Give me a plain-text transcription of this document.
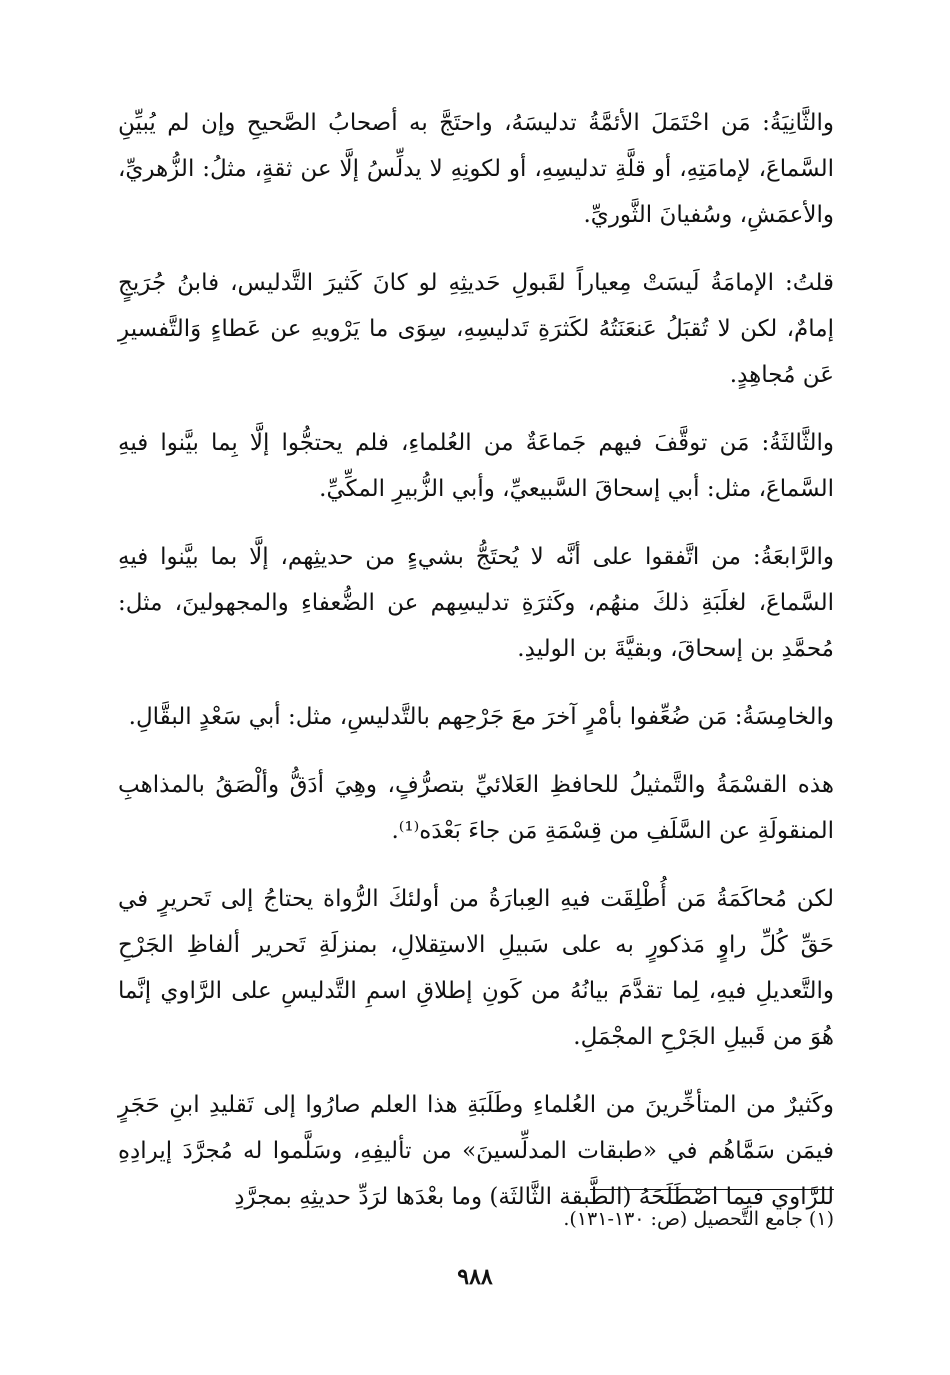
والثَّانِيَةُ: مَن احْتَمَلَ الأئمَّةُ تدليسَهُ، واحتَجَّ به أصحابُ الصَّحيحِ وإن لم يُبيِّنِ السَّماعَ، لإمامَتِهِ، أو قلَّةِ تدليسِهِ، أو لكونِهِ لا يدلِّسُ إلَّا عن ثقةٍ، مثلُ: الزُّهريِّ، والأعمَشِ، وسُفيانَ الثَّوريِّ.

قلتُ: الإمامَةُ لَيسَتْ مِعياراً لقَبولِ حَديثِهِ لو كانَ كَثيرَ التَّدليس، فابنُ جُرَيجٍ إمامٌ، لكن لا تُقبَلُ عَنعَنَتُهُ لكَثرَةِ تَدليسِهِ، سِوَى ما يَرْويهِ عن عَطاءٍ وَالتَّفسيرِ عَن مُجاهِدٍ.

والثَّالثَةُ: مَن توقَّفَ فيهم جَماعَةٌ من العُلماءِ، فلم يحتجُّوا إلَّا بِما بيَّنوا فيهِ السَّماعَ، مثل: أبي إسحاقَ السَّبيعيِّ، وأبي الزُّبيرِ المكِّيِّ.

والرَّابعَةُ: من اتَّفقوا على أنَّه لا يُحتَجُّ بشيءٍ من حديثِهم، إلَّا بما بيَّنوا فيهِ السَّماعَ، لغلَبَةِ ذلكَ منهُم، وكَثرَةِ تدليسِهم عن الضُّعفاءِ والمجهولينَ، مثل: مُحمَّدِ بن إسحاقَ، وبقيَّةَ بن الوليدِ.

والخامِسَةُ: مَن ضُعِّفوا بأمْرٍ آخرَ معَ جَرْحِهم بالتَّدليسِ، مثل: أبي سَعْدٍ البقَّالِ.

هذه القسْمَةُ والتَّمثيلُ للحافظِ العَلائيِّ بتصرُّفٍ، وهِيَ أدَقُّ وألْصَقُ بالمذاهبِ المنقولَةِ عن السَّلَفِ من قِسْمَةِ مَن جاءَ بَعْدَه⁽¹⁾.

لكن مُحاكَمَةُ مَن أُطْلِقَت فيهِ العِبارَةُ من أولئكَ الرُّواة يحتاجُ إلى تَحريرٍ في حَقِّ كُلِّ راوٍ مَذكورٍ به على سَبيلِ الاستِقلالِ، بمنزلَةِ تَحرير ألفاظِ الجَرْحِ والتَّعديلِ فيهِ، لِما تقدَّمَ بيانُهُ من كَونِ إطلاقِ اسمِ التَّدليسِ على الرَّاوي إنَّما هُوَ من قَبيلِ الجَرْحِ المجْمَلِ.

وكَثيرٌ من المتأخِّرينَ من العُلماءِ وطَلَبَةِ هذا العلم صارُوا إلى تَقليدِ ابنِ حَجَرٍ فيمَن سَمَّاهُم في «طبقات المدلِّسينَ» من تأليفِهِ، وسَلَّموا له مُجرَّدَ إيرادِهِ للرَّاوي فيما اصْطَلَحَهُ (الطَّبقة الثَّالثَة) وما بعْدَها لرَدِّ حديثِهِ بمجرَّدِ

(١) جامع التَّحصيل (ص: ١٣٠-١٣١).
٩٨٨
